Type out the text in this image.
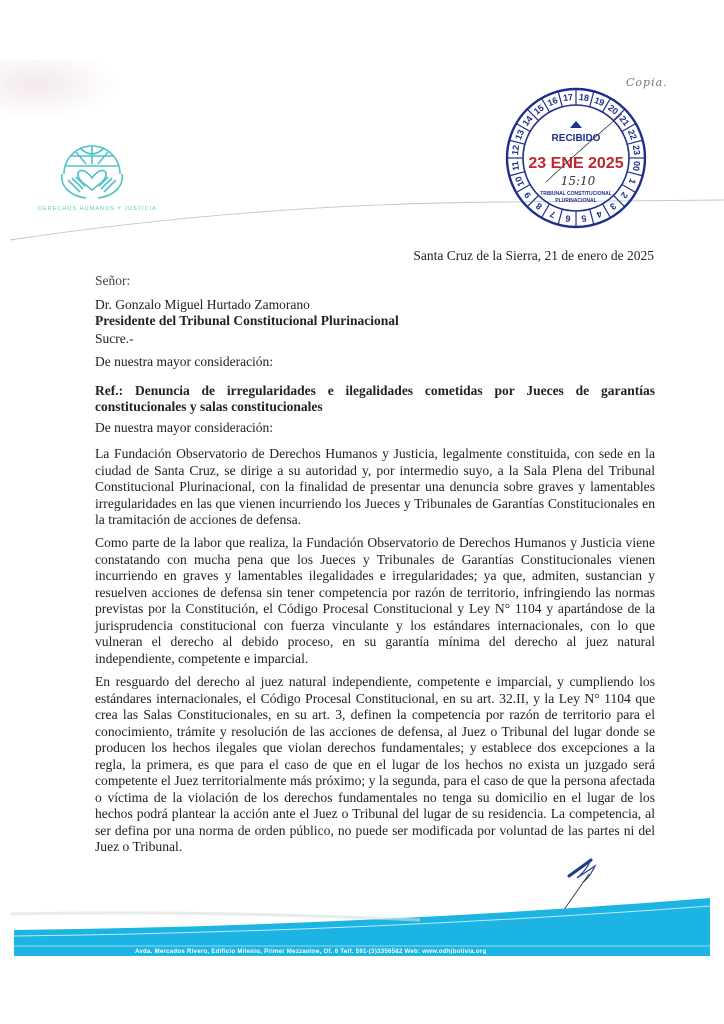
DERECHOS HUMANOS Y JUSTICIA
Copia.
12
13
14
15
16 17 18 19
20
21
22
23
00
1
2
3
4
5
6
7
8
9
10
11
RECIBIDO
23 ENE 2025
15:10
TRIBUNAL CONSTITUCIONAL
PLURINACIONAL
Santa Cruz de la Sierra, 21 de enero de 2025
Señor:
Dr. Gonzalo Miguel Hurtado Zamorano
Presidente del Tribunal Constitucional Plurinacional
Sucre.-
De nuestra mayor consideración:
Ref.: Denuncia de irregularidades e ilegalidades cometidas por Jueces de garantías constitucionales y salas constitucionales
De nuestra mayor consideración:

La Fundación Observatorio de Derechos Humanos y Justicia, legalmente constituida, con sede en la ciudad de Santa Cruz, se dirige a su autoridad y, por intermedio suyo, a la Sala Plena del Tribunal Constitucional Plurinacional, con la finalidad de presentar una denuncia sobre graves y lamentables irregularidades en las que vienen incurriendo los Jueces y Tribunales de Garantías Constitucionales en la tramitación de acciones de defensa.

Como parte de la labor que realiza, la Fundación Observatorio de Derechos Humanos y Justicia viene constatando con mucha pena que los Jueces y Tribunales de Garantías Constitucionales vienen incurriendo en graves y lamentables ilegalidades e irregularidades; ya que, admiten, sustancian y resuelven acciones de defensa sin tener competencia por razón de territorio, infringiendo las normas previstas por la Constitución, el Código Procesal Constitucional y Ley N° 1104 y apartándose de la jurisprudencia constitucional con fuerza vinculante y los estándares internacionales, con lo que vulneran el derecho al debido proceso, en su garantía mínima del derecho al juez natural independiente, competente e imparcial.

En resguardo del derecho al juez natural independiente, competente e imparcial, y cumpliendo los estándares internacionales, el Código Procesal Constitucional, en su art. 32.II, y la Ley N° 1104 que crea las Salas Constitucionales, en su art. 3, definen la competencia por razón de territorio para el conocimiento, trámite y resolución de las acciones de defensa, al Juez o Tribunal del lugar donde se producen los hechos ilegales que violan derechos fundamentales; y establece dos excepciones a la regla, la primera, es que para el caso de que en el lugar de los hechos no exista un juzgado será competente el Juez territorialmente más próximo; y la segunda, para el caso de que la persona afectada o víctima de la violación de los derechos fundamentales no tenga su domicilio en el lugar de los hechos podrá plantear la acción ante el Juez o Tribunal del lugar de su residencia. La competencia, al ser defina por una norma de orden público, no puede ser modificada por voluntad de las partes ni del Juez o Tribunal.

Avda. Mercados Rivero, Edificio Milenio, Primer Mezzanine, Of. 6 Telf. 591-(3)3356582 Web: www.odhjbolivia.org
